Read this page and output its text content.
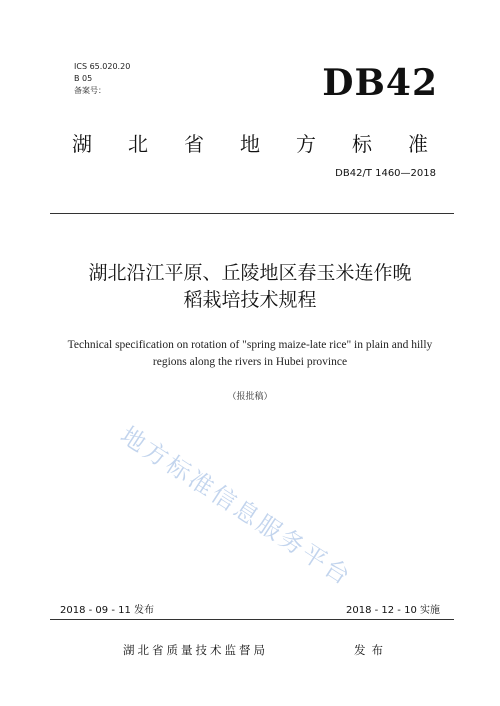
ICS 65.020.20
B 05
备案号：	DB42
湖北省地方标准
DB42/T 1460—2018
湖北沿江平原、丘陵地区春玉米连作晚
稻栽培技术规程
Technical specification on rotation of "spring maize-late rice" in plain and hilly
regions along the rivers in Hubei province
（报批稿）
地方标准信息服务平台
2018 - 09 - 11 发布	2018 - 12 - 10 实施
湖北省质量技术监督局	发布
